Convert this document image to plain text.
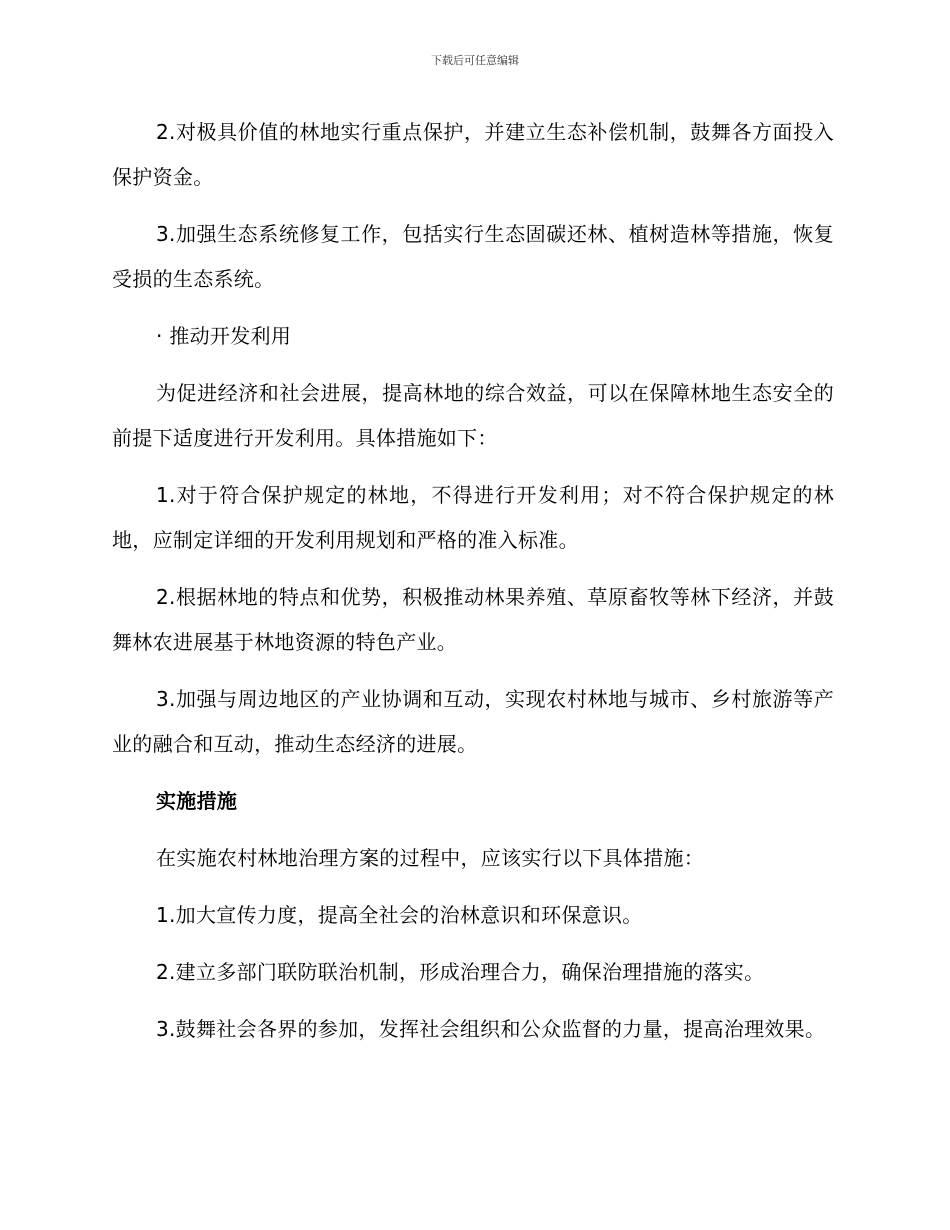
下载后可任意编辑

2.对极具价值的林地实行重点保护，并建立生态补偿机制，鼓舞各方面投入保护资金。

3.加强生态系统修复工作，包括实行生态固碳还林、植树造林等措施，恢复受损的生态系统。

· 推动开发利用

为促进经济和社会进展，提高林地的综合效益，可以在保障林地生态安全的前提下适度进行开发利用。具体措施如下：

1.对于符合保护规定的林地，不得进行开发利用；对不符合保护规定的林地，应制定详细的开发利用规划和严格的准入标准。

2.根据林地的特点和优势，积极推动林果养殖、草原畜牧等林下经济，并鼓舞林农进展基于林地资源的特色产业。

3.加强与周边地区的产业协调和互动，实现农村林地与城市、乡村旅游等产业的融合和互动，推动生态经济的进展。

实施措施

在实施农村林地治理方案的过程中，应该实行以下具体措施：

1.加大宣传力度，提高全社会的治林意识和环保意识。

2.建立多部门联防联治机制，形成治理合力，确保治理措施的落实。

3.鼓舞社会各界的参加，发挥社会组织和公众监督的力量，提高治理效果。
